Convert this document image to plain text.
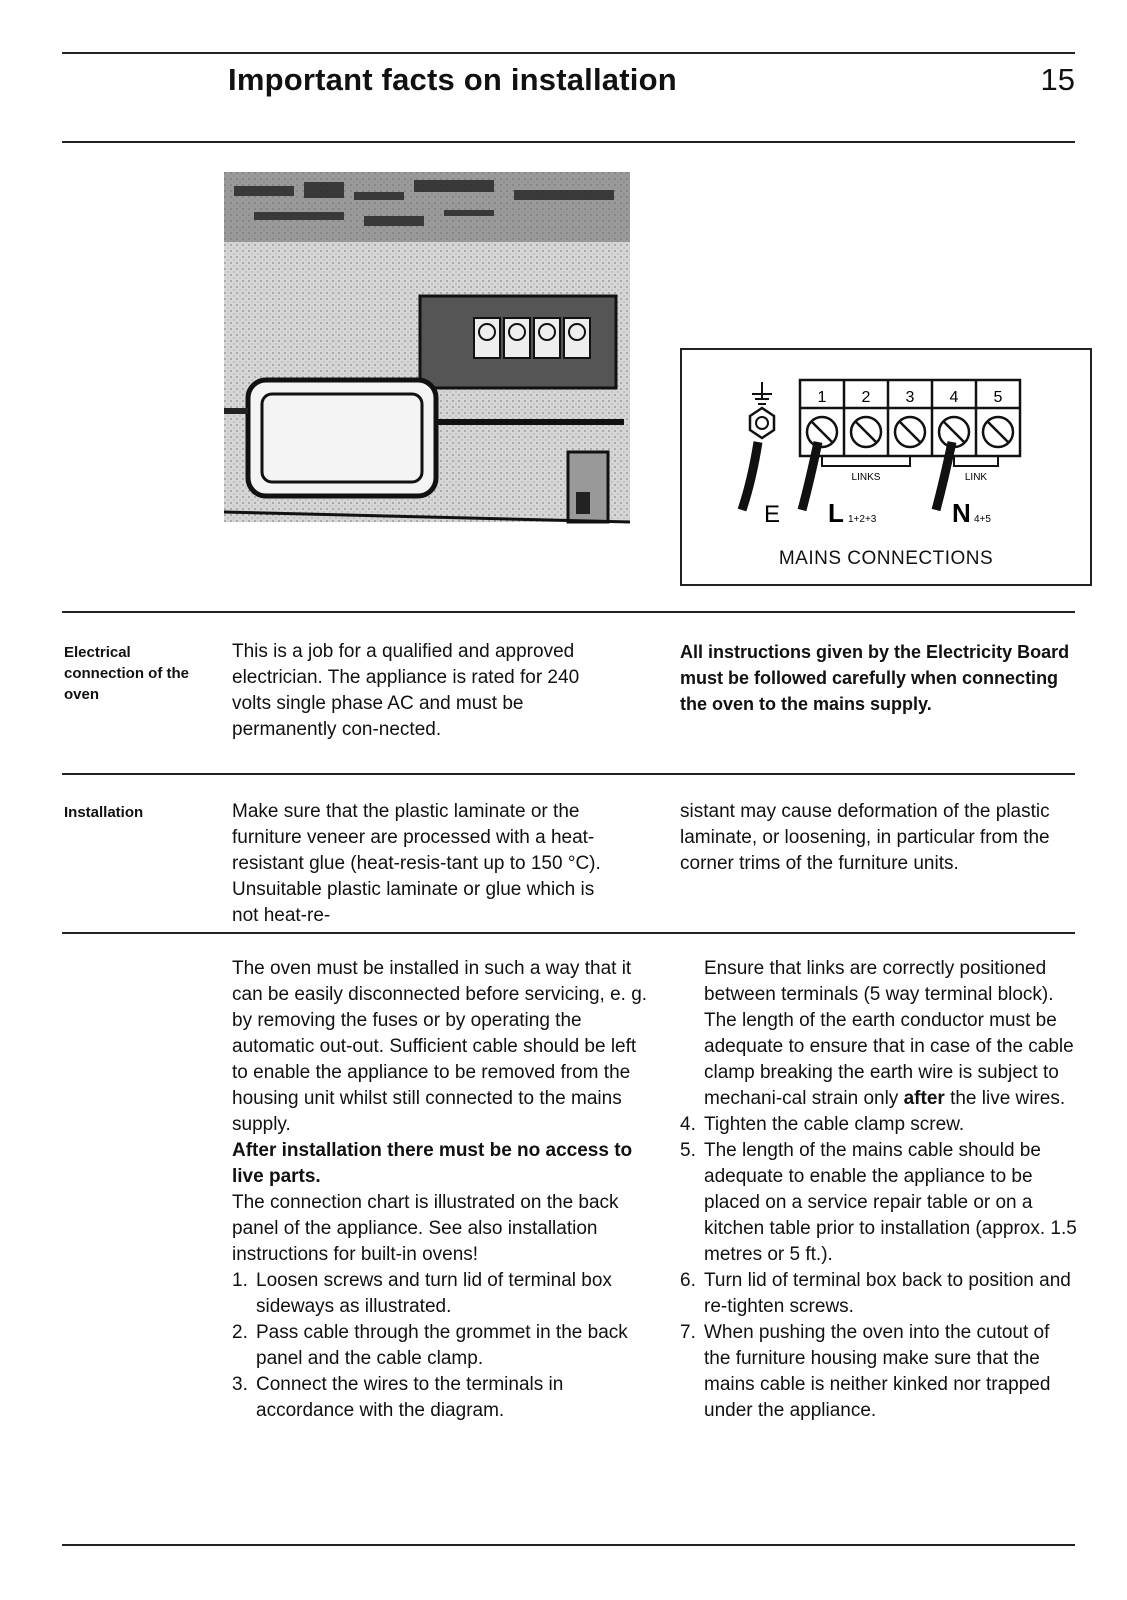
Important facts on installation	15
1 2 3 4 5
LINKS	LINK
E L 1+2+3	N 4+5
MAINS CONNECTIONS
Electrical connection of the oven
This is a job for a qualified and approved electrician. The appliance is rated for 240 volts single phase AC and must be permanently con-nected.
All instructions given by the Electricity Board must be followed carefully when connecting the oven to the mains supply.
Installation	Make sure that the plastic laminate or the furniture veneer are processed with a heat-resistant glue (heat-resis-tant up to 150 °C). Unsuitable plastic laminate or glue which is not heat-re-
sistant may cause deformation of the plastic laminate, or loosening, in particular from the corner trims of the furniture units.

The oven must be installed in such a way that it can be easily disconnected before servicing, e. g. by removing the fuses or by operating the automatic out-out. Sufficient cable should be left to enable the appliance to be removed from the housing unit whilst still connected to the mains supply.

After installation there must be no access to live parts.

The connection chart is illustrated on the back panel of the appliance. See also installation instructions for built-in ovens!

1. Loosen screws and turn lid of terminal box sideways as illustrated.
2. Pass cable through the grommet in the back panel and the cable clamp.
3. Connect the wires to the terminals in accordance with the diagram.

Ensure that links are correctly positioned between terminals (5 way terminal block). The length of the earth conductor must be adequate to ensure that in case of the cable clamp breaking the earth wire is subject to mechani-cal strain only after the live wires.

4. Tighten the cable clamp screw.
5. The length of the mains cable should be adequate to enable the appliance to be placed on a service repair table or on a kitchen table prior to installation (approx. 1.5 metres or 5 ft.).
6. Turn lid of terminal box back to position and re-tighten screws.
7. When pushing the oven into the cutout of the furniture housing make sure that the mains cable is neither kinked nor trapped under the appliance.
